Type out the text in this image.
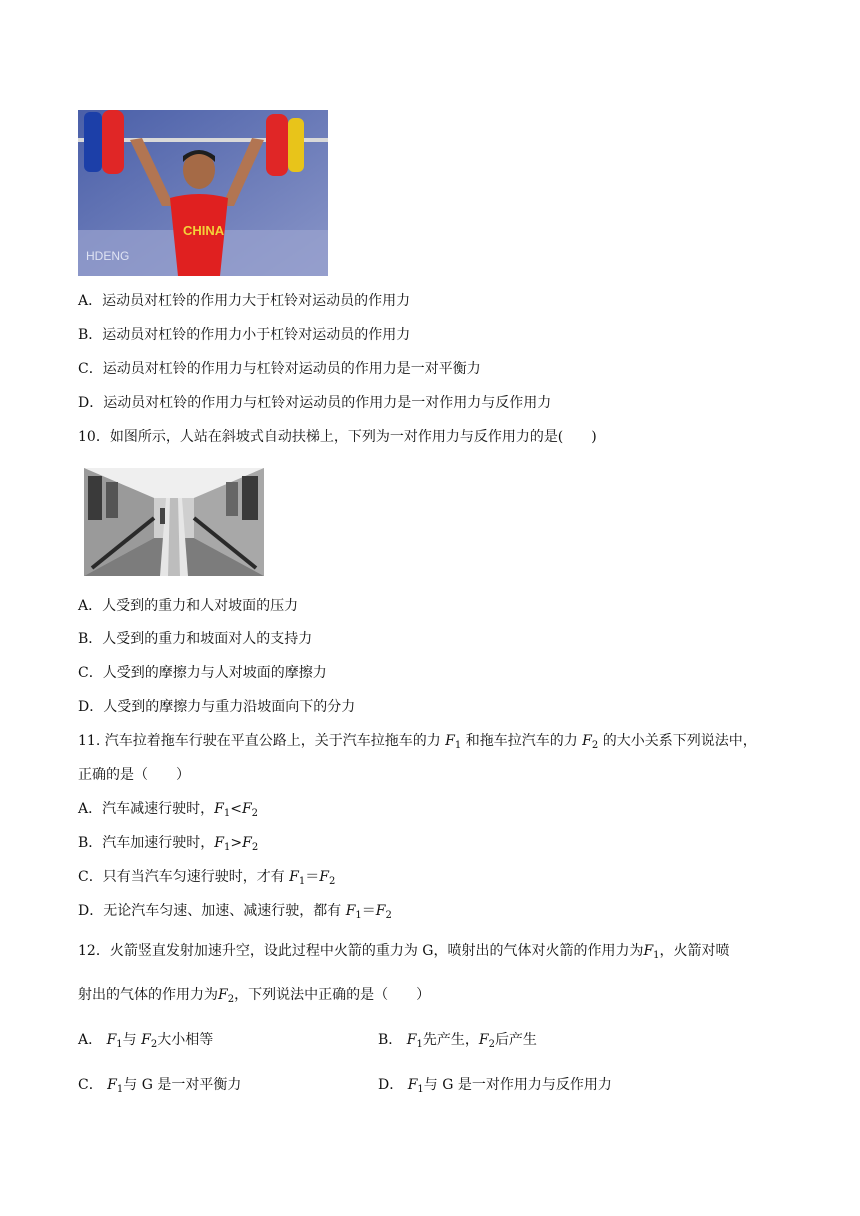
CHINA
HDENG
A．运动员对杠铃的作用力大于杠铃对运动员的作用力
B．运动员对杠铃的作用力小于杠铃对运动员的作用力
C．运动员对杠铃的作用力与杠铃对运动员的作用力是一对平衡力
D．运动员对杠铃的作用力与杠铃对运动员的作用力是一对作用力与反作用力
10．如图所示，人站在斜坡式自动扶梯上，下列为一对作用力与反作用力的是(　　)
A．人受到的重力和人对坡面的压力
B．人受到的重力和坡面对人的支持力
C．人受到的摩擦力与人对坡面的摩擦力
D．人受到的摩擦力与重力沿坡面向下的分力
11. 汽车拉着拖车行驶在平直公路上，关于汽车拉拖车的力 $F_1$ 和拖车拉汽车的力 $F_2$ 的大小关系下列说法中，
正确的是（　　）
A．汽车减速行驶时，$F_1<F_2$
B．汽车加速行驶时，$F_1>F_2$
C．只有当汽车匀速行驶时，才有 $F_1=F_2$
D．无论汽车匀速、加速、减速行驶，都有 $F_1=F_2$
12．火箭竖直发射加速升空，设此过程中火箭的重力为 G，喷射出的气体对火箭的作用力为$F_1$，火箭对喷
射出的气体的作用力为$F_2$，下列说法中正确的是（　　）
A． $F_1$与 $F_2$大小相等	B． $F_1$先产生，$F_2$后产生
C． $F_1$与 G 是一对平衡力	D． $F_1$与 G 是一对作用力与反作用力
